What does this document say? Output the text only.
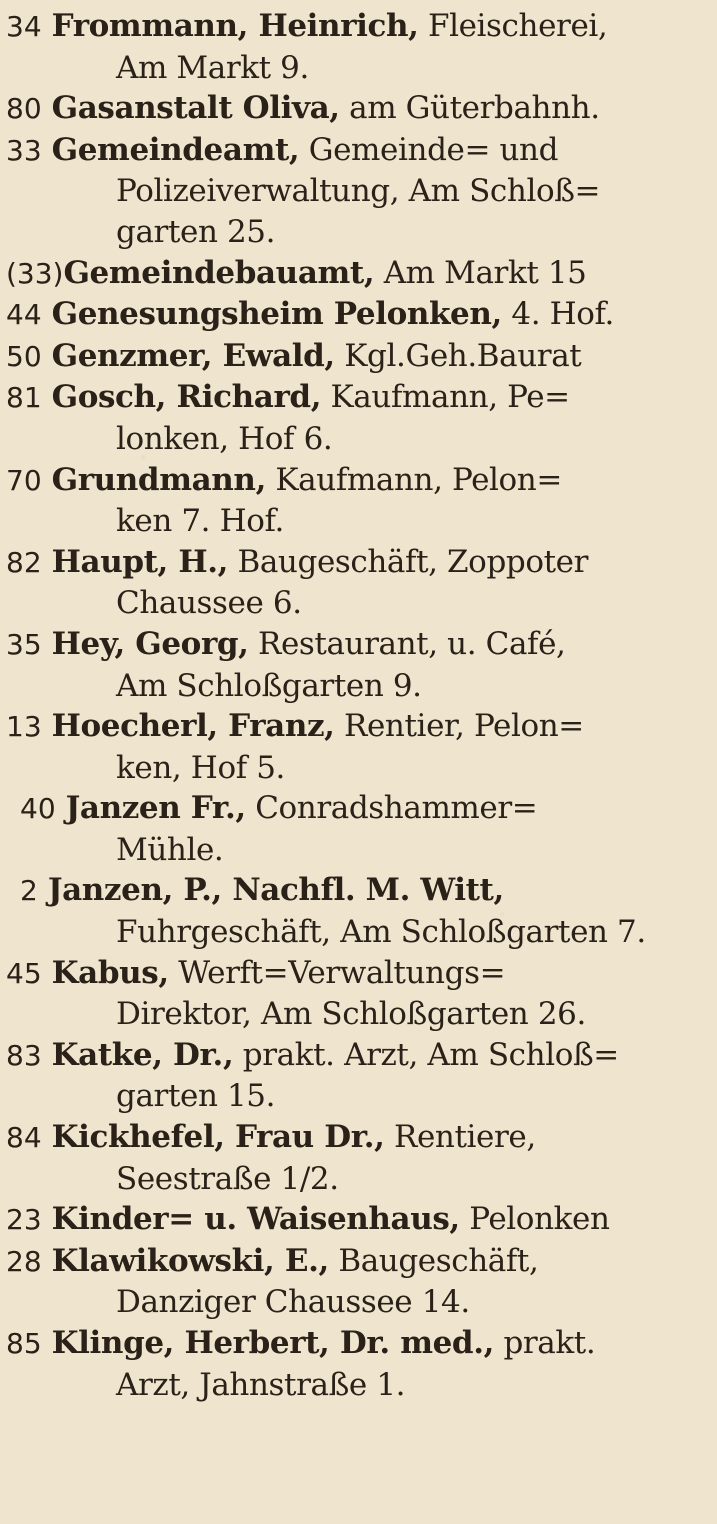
34 Frommann, Heinrich, Fleischerei,
Am Markt 9.
80 Gasanstalt Oliva, am Güterbahnh.
33 Gemeindeamt, Gemeinde= und
Polizeiverwaltung, Am Schloß=
garten 25.
(33)Gemeindebauamt, Am Markt 15
44 Genesungsheim Pelonken, 4. Hof.
50 Genzmer, Ewald, Kgl.Geh.Baurat
81 Gosch, Richard, Kaufmann, Pe=
lonken, Hof 6.
70 Grundmann, Kaufmann, Pelon=
ken 7. Hof.
82 Haupt, H., Baugeschäft, Zoppoter
Chaussee 6.
35 Hey, Georg, Restaurant, u. Café,
Am Schloßgarten 9.
13 Hoecherl, Franz, Rentier, Pelon=
ken, Hof 5.
40 Janzen Fr., Conradshammer=
Mühle.
2 Janzen, P., Nachfl. M. Witt,
Fuhrgeschäft, Am Schloßgarten 7.
45 Kabus, Werft=Verwaltungs=
Direktor, Am Schloßgarten 26.
83 Katke, Dr., prakt. Arzt, Am Schloß=
garten 15.
84 Kickhefel, Frau Dr., Rentiere,
Seestraße 1/2.
23 Kinder= u. Waisenhaus, Pelonken
28 Klawikowski, E., Baugeschäft,
Danziger Chaussee 14.
85 Klinge, Herbert, Dr. med., prakt.
Arzt, Jahnstraße 1.
